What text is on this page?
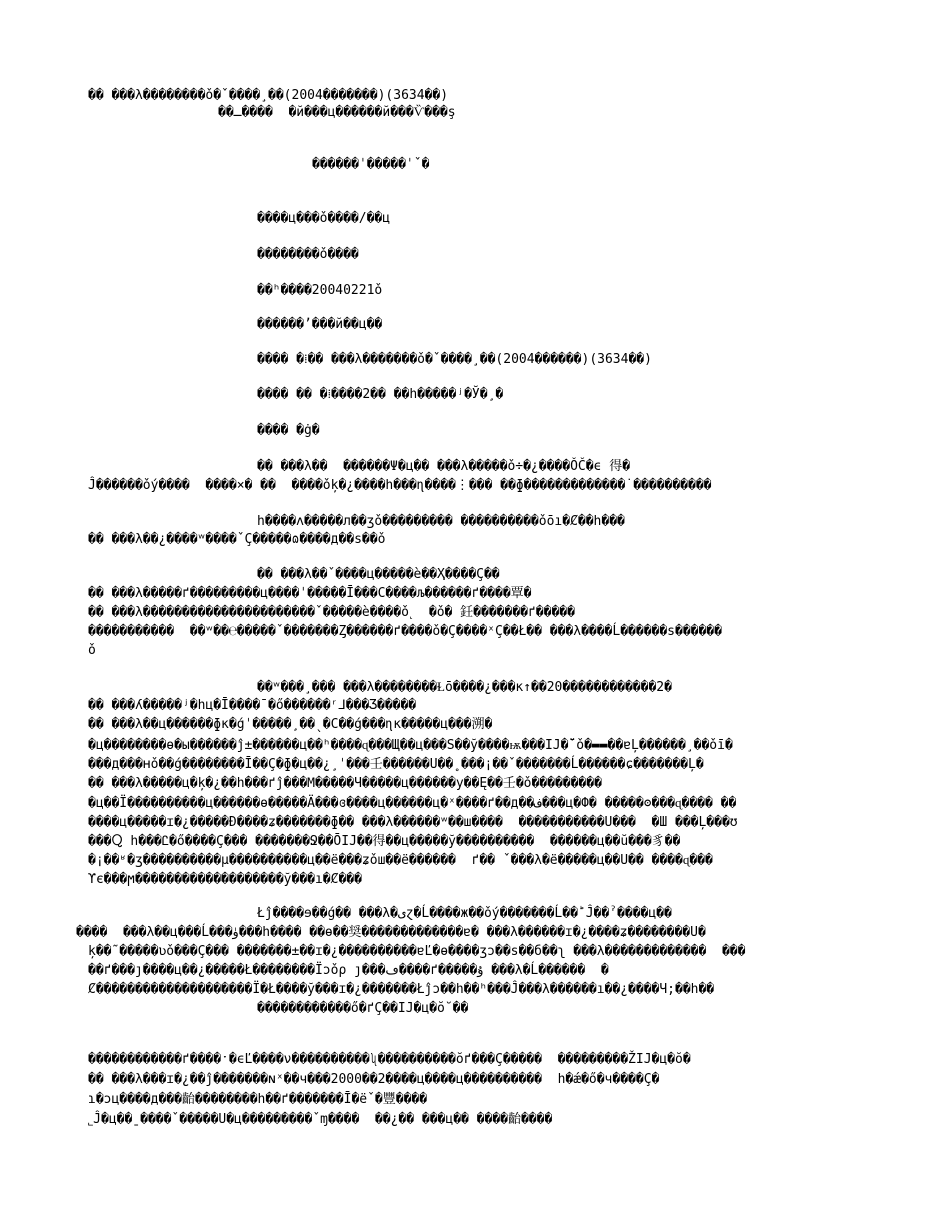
�� ���λ��������ǒ�ˇ����¸��(2004�������)(3634��)
��ـ����  �й���ц������й���Ѷ���ş
������ˈ�����ˈˇ�
����ц���ǒ����/��ц
��������ǒ����
��ʰ����20040221ǒ
������ʼ���й��ц��
���� �⁞�� ���λ�������ǒ�ˇ����¸��(2004������)(3634��)
���� �� �⁞����2�� ��h�����ʲ�Ў�¸�
���� �ġ�
�� ���λ��  ������Ψ�ц�� ���λ�����ǒ÷�¿����ǑČ�ϵ 得�
Ĵ������ǒý����  ����×� ��  ����ǒķ�¿����h���ɳ����⋮��� ��ɸ�������������˙����������
h����ʌ�����л��ʒǒ��������� ����������ǒōı�Ȼ��h���
�� ���λ��¿����ʷ����ˇÇ�����ɷ����д��ѕ��ǒ
�� ���λ��ˇ����ц�����ѐ��Ҳ����Ç��
�� ���λ�����ґ���������ц����ˈ�����Ī���С����љ������ґ����覃�
�� ���λ����������������������ˇ�����ѐ����ǒ˻  �ǒ� 鈓�������ґ�����
�����������  ��ʷ��℮�����ˇ�������Ȥ������ґ����ǒ�Ç����ˣÇ��Ł�� ���λ����Ĺ������ѕ������
ǒ
��ʷ���¸��� ���λ��������Ɫō����¿���ĸ↑��20������������2�
�� ���ʎ�����ʲ�hц�Ī����¯�ő������ʳ⅃���Ʒ�����
�� ���λ��ц������ɸĸ�ǵˈ�����¸��ˎ�С��ǵ���ɳĸ�����ц���溯�
�ц��������ө�ы������ĵ±������ц��ʰ����ɋ���Щ��ц���Ѕ��ў����ѭ���IJ�̄ˇǒ�▬▬��ɐĻ������¸��ǒī�
���д���ʜǒ��ǵ��������Ī��Ç�ɸ�ц��¿¸ˈ���壬������Ս��˳���¡��ˇ�������Ĺ������ɕ�������Ļ�
�� ���λ�����ц�ķ�¿��h���ґĵ���Μ�����Ч�����ц������у��Ę��壬�ǒ���������
�ц��Ï����������ц������ɵ�����Ä���ɞ����ц������ц�ˣ����ґ��д��ف���ц�Ф� �����ʘ���ɋ���� ��
����ц�����ɪ�¿�����Ɖ����ʑ�������ɸ�� ���λ������ʷ��ш����  �����������Ս���  �Ш ���Ļ���ʊ
���Ⴍ h���Ꮭ�ő����Ç��� �������Ջ��ŌIJ��得��ц�����ў����������  ������ц��ŭ���豸��
�¡��ʶ�ʒ����������μ����������ц��ё���ʑǒш��ё������  ґ�� ˇ���λ�ё�����ц��Ս�� ����ɋ���
ϒє���ϻ�������������������ў���ı�Ȼ���
Łĵ����ɘ��ǵ�� ���λ�ىɀ�Ĺ����ж��ǒý�������Ĺ��ؕĴ��ˀ����ц��
����  ���λ��ц���Ĺ���ۈ���h���� ��ɵ��奨�������������ɐ� ���λ������ɪ�¿����ʑ��������Ս�
ķ��˜�����ʋǒ���Ç��� �������±��ɪ�¿����������ɐĽ�ɵ����ʒɔ��ѕ��б��ʅ ���λ�������������  ���
��ґ���ȷ����ц��¿�����Ł��������Ïɔǒρ ȷ���ڡ����ґ�����ۇ ���λ�Ĺ������  �
Ȼ��������������������Ï�Ł����ў���ɪ�¿�������Łĵɔ��h��ʰ���Ĵ���λ������ı��¿����Ч;��h��
������������ő�ґÇ��IJ�ц�ŏ˘��
������������ґ����ˑ�ϵĽ����ν����������ʯ����������ŏґ���Ç�����  ���������ŽIJ�ц�ŏ�
�� ���λ���ɪ�¿��ĵ�������ɴˣ��ч���2000��2����ц����ц����������  h�ǽ�ő�ч����Ç�
ɿ�ɔц����д���齝��������h��ґ�������Ī�ёˇ�豐����
˾Ĵ�ц��ˍ����ˇ�����Ս�ц���������ˇɱ����  ��¿�� ���ц�� ����齝����
